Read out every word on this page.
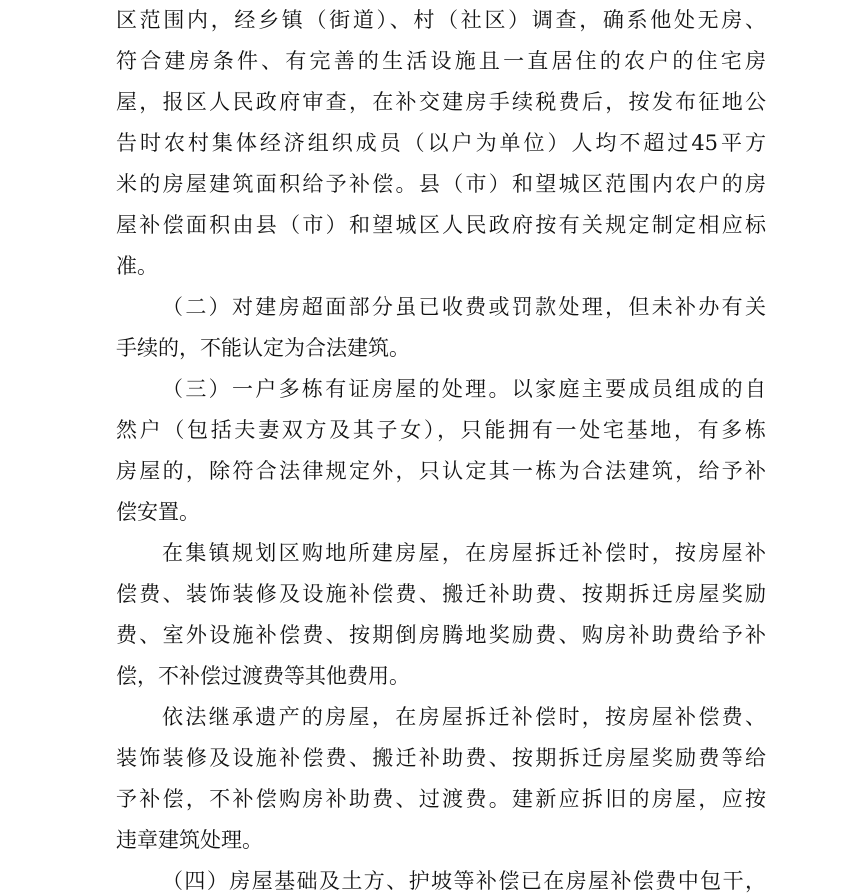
区范围内，经乡镇（街道）、村（社区）调查，确系他处无房、
符合建房条件、有完善的生活设施且一直居住的农户的住宅房
屋，报区人民政府审查，在补交建房手续税费后，按发布征地公
告时农村集体经济组织成员（以户为单位）人均不超过45平方
米的房屋建筑面积给予补偿。县（市）和望城区范围内农户的房
屋补偿面积由县（市）和望城区人民政府按有关规定制定相应标
准。
（二）对建房超面部分虽已收费或罚款处理，但未补办有关
手续的，不能认定为合法建筑。
（三）一户多栋有证房屋的处理。以家庭主要成员组成的自
然户（包括夫妻双方及其子女），只能拥有一处宅基地，有多栋
房屋的，除符合法律规定外，只认定其一栋为合法建筑，给予补
偿安置。
在集镇规划区购地所建房屋，在房屋拆迁补偿时，按房屋补
偿费、装饰装修及设施补偿费、搬迁补助费、按期拆迁房屋奖励
费、室外设施补偿费、按期倒房腾地奖励费、购房补助费给予补
偿，不补偿过渡费等其他费用。
依法继承遗产的房屋，在房屋拆迁补偿时，按房屋补偿费、
装饰装修及设施补偿费、搬迁补助费、按期拆迁房屋奖励费等给
予补偿，不补偿购房补助费、过渡费。建新应拆旧的房屋，应按
违章建筑处理。
（四）房屋基础及土方、护坡等补偿已在房屋补偿费中包干，
